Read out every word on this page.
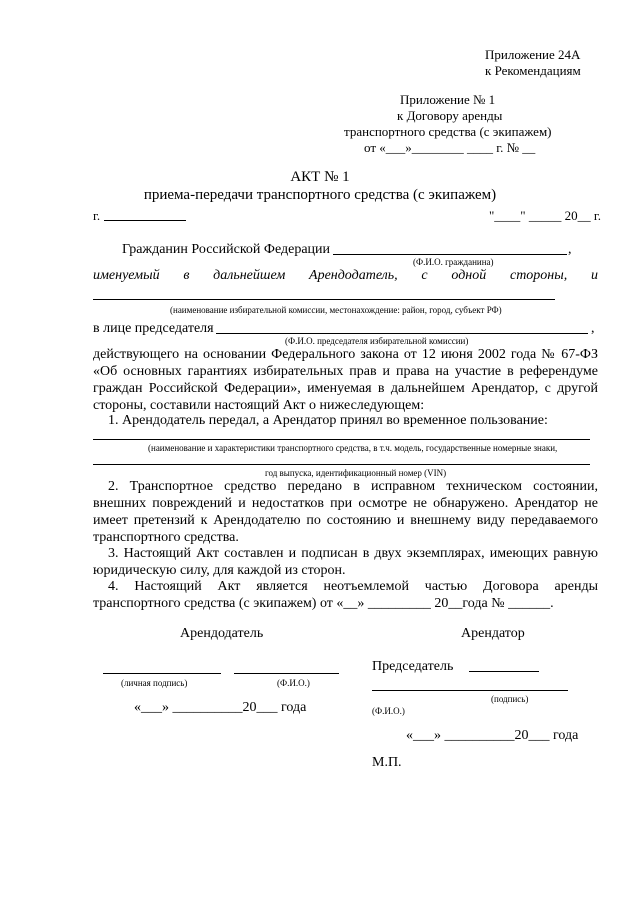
Приложение 24А
к Рекомендациям
Приложение № 1
к Договору аренды
транспортного средства (с экипажем)
от «___»________ ____ г. № __
АКТ № 1
приема-передачи транспортного средства (с экипажем)
г.	"____" _____ 20__ г.
Гражданин Российской Федерации	,
(Ф.И.О. гражданина)
именуемый в дальнейшем Арендодатель, с одной стороны, и
(наименование избирательной комиссии, местонахождение: район, город, субъект РФ)
в лице председателя	,
(Ф.И.О. председателя избирательной комиссии)
действующего на основании Федерального закона от 12 июня 2002 года № 67-ФЗ
«Об основных гарантиях избирательных прав и права на участие в референдуме
граждан Российской Федерации», именуемая в дальнейшем Арендатор, с другой
стороны, составили настоящий Акт о нижеследующем:
1. Арендодатель передал, а Арендатор принял во временное пользование:
(наименование и характеристики транспортного средства, в т.ч. модель, государственные номерные знаки,
год выпуска, идентификационный номер (VIN)
2. Транспортное средство передано в исправном техническом состоянии,
внешних повреждений и недостатков при осмотре не обнаружено. Арендатор не
имеет претензий к Арендодателю по состоянию и внешнему виду передаваемого
транспортного средства.
3. Настоящий Акт составлен и подписан в двух экземплярах, имеющих равную
юридическую силу, для каждой из сторон.
4. Настоящий Акт является неотъемлемой частью Договора аренды
транспортного средства (с экипажем) от «__» _________ 20__года № ______.
Арендодатель
(личная подпись)	(Ф.И.О.)
«___» __________20___ года
Арендатор
Председатель
(подпись)
(Ф.И.О.)
«___» __________20___ года
М.П.
